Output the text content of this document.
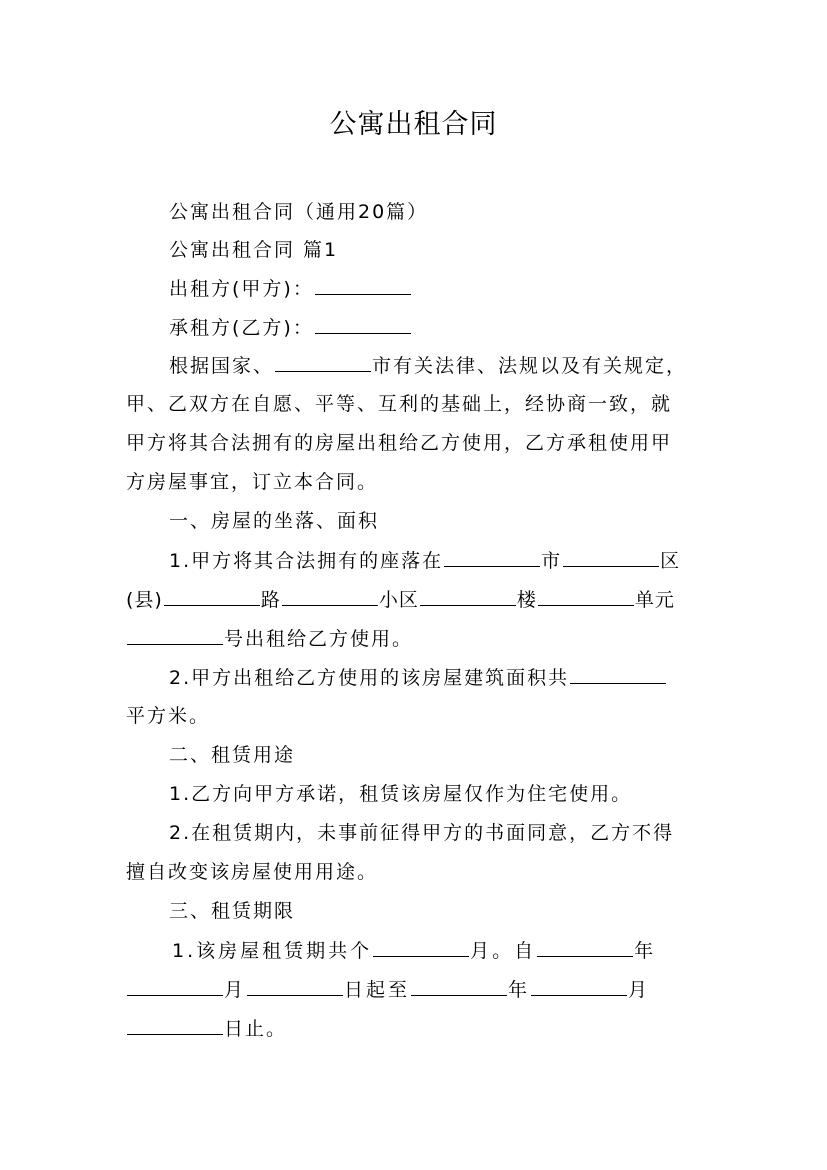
公寓出租合同
公寓出租合同（通用20篇）
公寓出租合同 篇1
出租方(甲方)：
承租方(乙方)：
根据国家、	市有关法律、法规以及有关规定，
甲、乙双方在自愿、平等、互利的基础上，经协商一致，就
甲方将其合法拥有的房屋出租给乙方使用，乙方承租使用甲
方房屋事宜，订立本合同。
一、房屋的坐落、面积
1.甲方将其合法拥有的座落在	市	区
(县)	路	小区	楼	单元
号出租给乙方使用。
2.甲方出租给乙方使用的该房屋建筑面积共
平方米。
二、租赁用途
1.乙方向甲方承诺，租赁该房屋仅作为住宅使用。
2.在租赁期内，未事前征得甲方的书面同意，乙方不得
擅自改变该房屋使用用途。
三、租赁期限
1.该房屋租赁期共个	月。自	年
月	日起至	年	月
日止。
